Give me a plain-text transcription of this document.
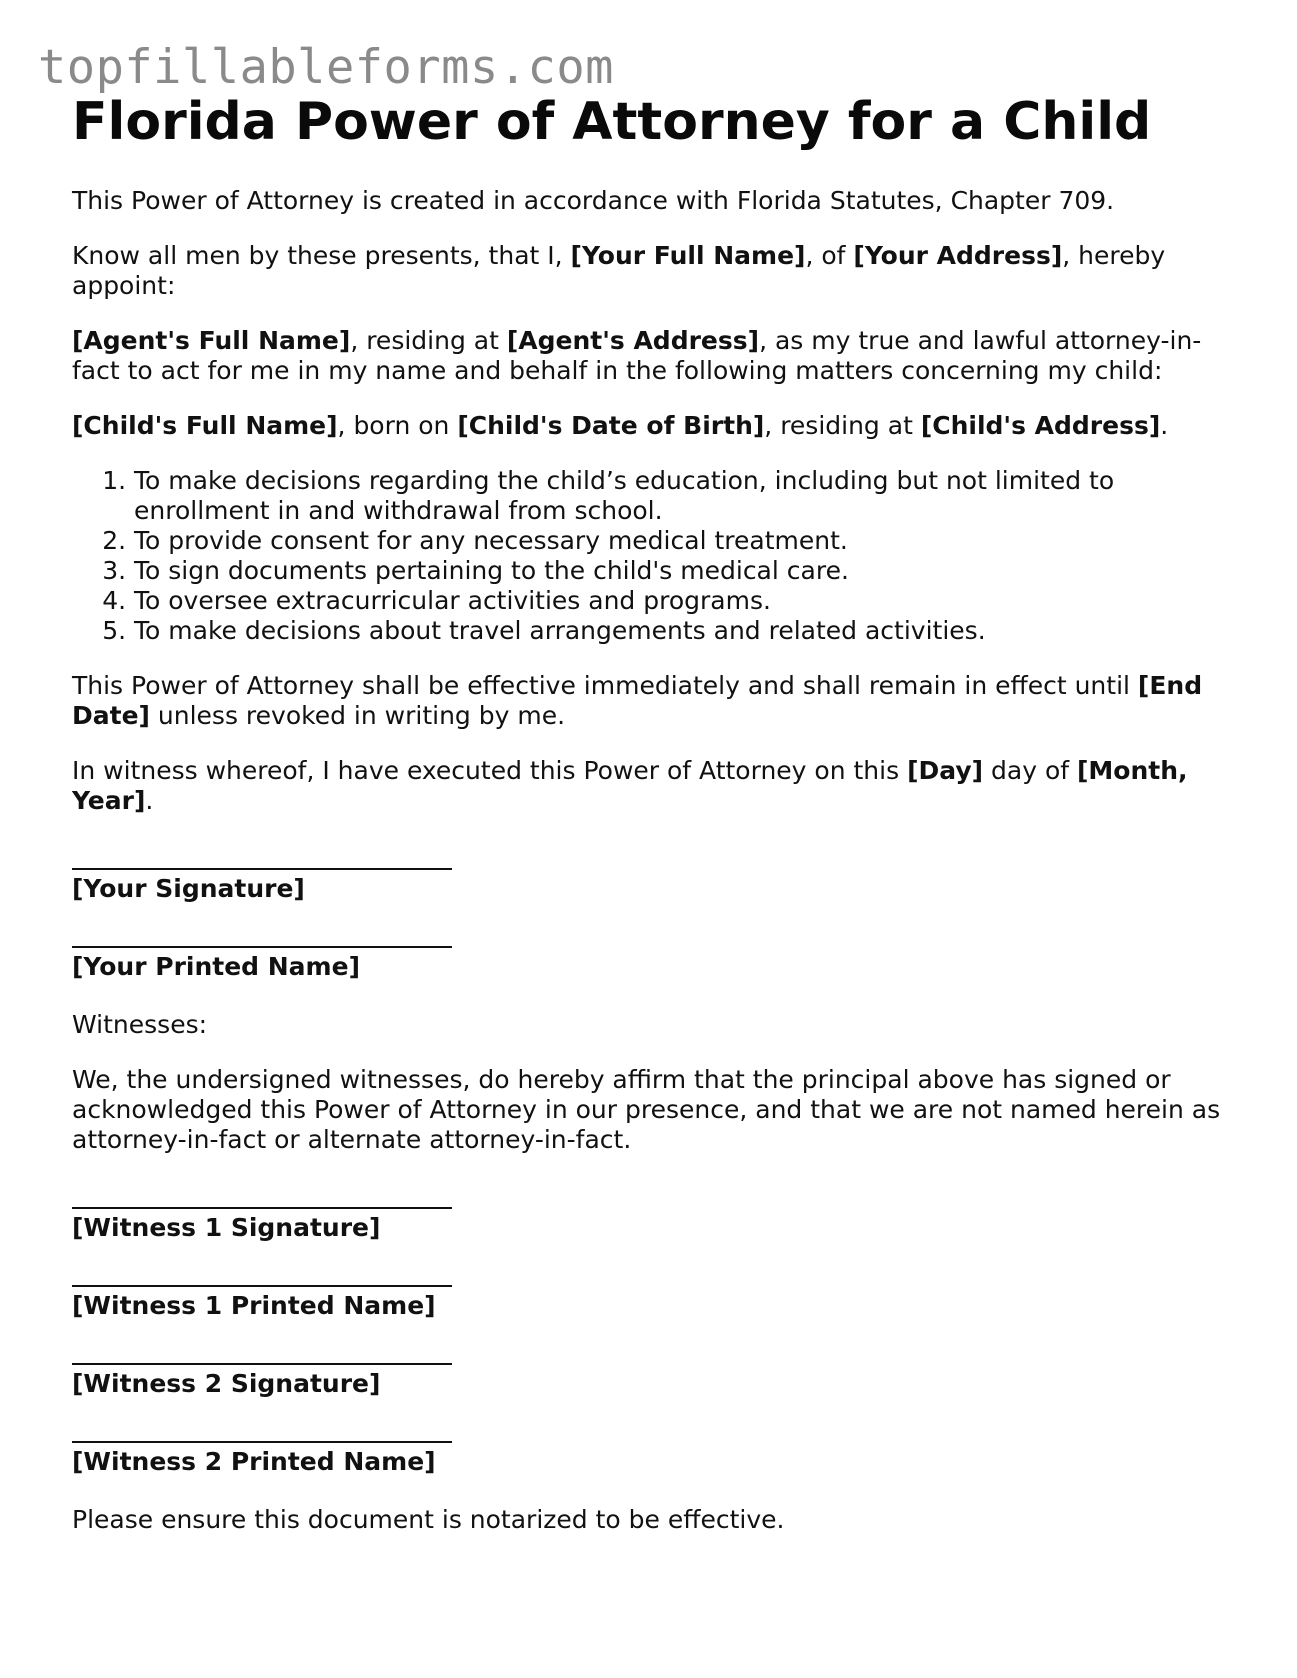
topfillableforms.com
Florida Power of Attorney for a Child

This Power of Attorney is created in accordance with Florida Statutes, Chapter 709.

Know all men by these presents, that I, [Your Full Name], of [Your Address], hereby appoint:

[Agent's Full Name], residing at [Agent's Address], as my true and lawful attorney-in-fact to act for me in my name and behalf in the following matters concerning my child:

[Child's Full Name], born on [Child's Date of Birth], residing at [Child's Address].

1. To make decisions regarding the child’s education, including but not limited to enrollment in and withdrawal from school.
2. To provide consent for any necessary medical treatment.
3. To sign documents pertaining to the child's medical care.
4. To oversee extracurricular activities and programs.
5. To make decisions about travel arrangements and related activities.

This Power of Attorney shall be effective immediately and shall remain in effect until [End Date] unless revoked in writing by me.

In witness whereof, I have executed this Power of Attorney on this [Day] day of [Month, Year].

[Your Signature]
[Your Printed Name]

Witnesses:

We, the undersigned witnesses, do hereby affirm that the principal above has signed or acknowledged this Power of Attorney in our presence, and that we are not named herein as attorney-in-fact or alternate attorney-in-fact.

[Witness 1 Signature]
[Witness 1 Printed Name]
[Witness 2 Signature]
[Witness 2 Printed Name]

Please ensure this document is notarized to be effective.
